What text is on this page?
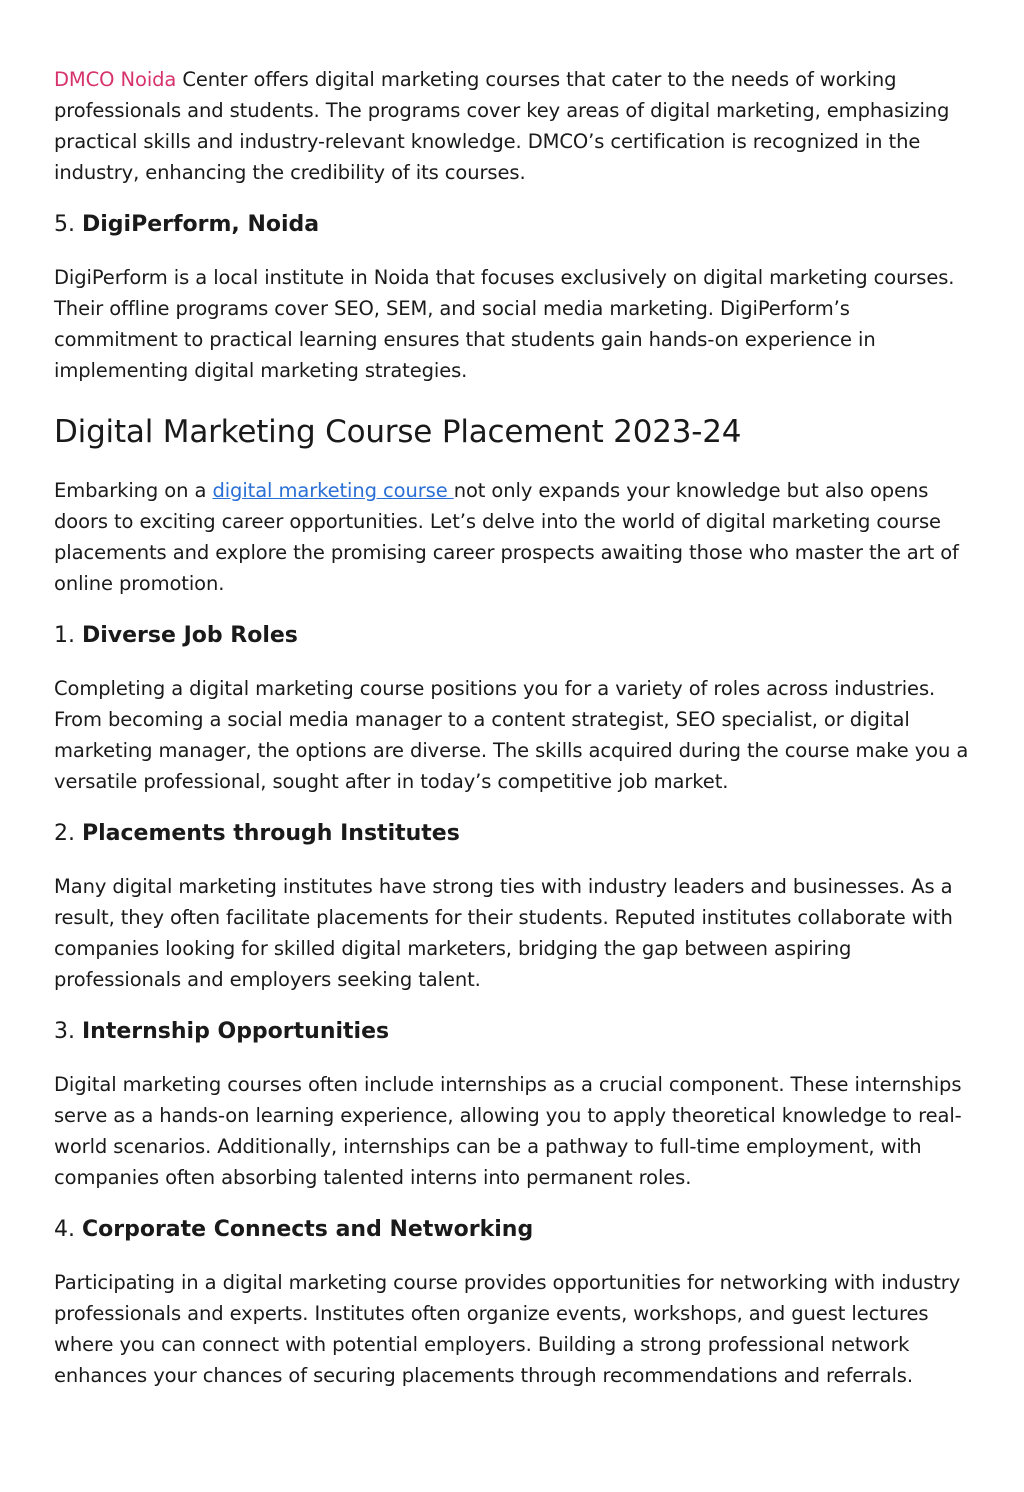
DMCO Noida Center offers digital marketing courses that cater to the needs of working professionals and students. The programs cover key areas of digital marketing, emphasizing practical skills and industry-relevant knowledge. DMCO’s certification is recognized in the industry, enhancing the credibility of its courses.

5. DigiPerform, Noida

DigiPerform is a local institute in Noida that focuses exclusively on digital marketing courses. Their offline programs cover SEO, SEM, and social media marketing. DigiPerform’s commitment to practical learning ensures that students gain hands-on experience in implementing digital marketing strategies.

Digital Marketing Course Placement 2023-24

Embarking on a digital marketing course not only expands your knowledge but also opens doors to exciting career opportunities. Let’s delve into the world of digital marketing course placements and explore the promising career prospects awaiting those who master the art of online promotion.

1. Diverse Job Roles

Completing a digital marketing course positions you for a variety of roles across industries. From becoming a social media manager to a content strategist, SEO specialist, or digital marketing manager, the options are diverse. The skills acquired during the course make you a versatile professional, sought after in today’s competitive job market.

2. Placements through Institutes

Many digital marketing institutes have strong ties with industry leaders and businesses. As a result, they often facilitate placements for their students. Reputed institutes collaborate with companies looking for skilled digital marketers, bridging the gap between aspiring professionals and employers seeking talent.

3. Internship Opportunities

Digital marketing courses often include internships as a crucial component. These internships serve as a hands-on learning experience, allowing you to apply theoretical knowledge to real-world scenarios. Additionally, internships can be a pathway to full-time employment, with companies often absorbing talented interns into permanent roles.

4. Corporate Connects and Networking

Participating in a digital marketing course provides opportunities for networking with industry professionals and experts. Institutes often organize events, workshops, and guest lectures where you can connect with potential employers. Building a strong professional network enhances your chances of securing placements through recommendations and referrals.
